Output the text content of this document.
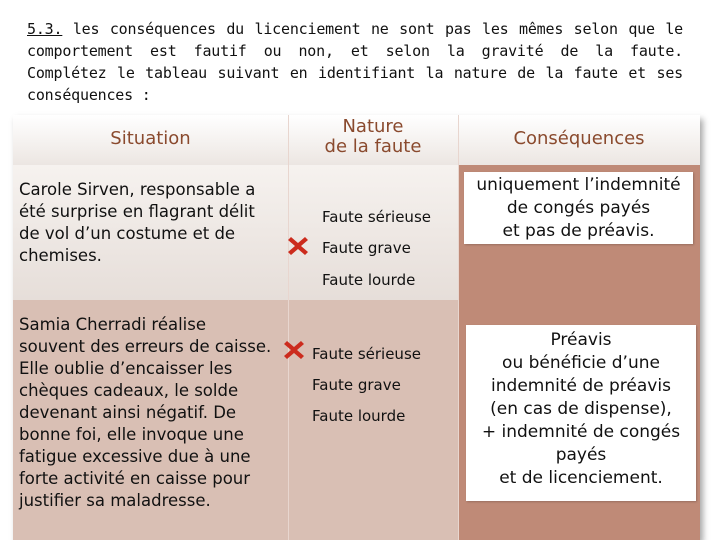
5.3. les conséquences du licenciement ne sont pas les mêmes selon que le
comportement est fautif ou non, et selon la gravité de la faute.
Complétez le tableau suivant en identifiant la nature de la faute et ses
conséquences :
Situation
Nature
de la faute	Conséquences
Carole Sirven, responsable a
été surprise en flagrant délit
de vol d’un costume et de
chemises.
Faute sérieuse
Faute grave
Faute lourde
uniquement l’indemnité
de congés payés
et pas de préavis.
Samia Cherradi réalise
souvent des erreurs de caisse.
Elle oublie d’encaisser les
chèques cadeaux, le solde
devenant ainsi négatif. De
bonne foi, elle invoque une
fatigue excessive due à une
forte activité en caisse pour
justifier sa maladresse.
Faute sérieuse
Faute grave
Faute lourde
Préavis
ou bénéficie d’une
indemnité de préavis
(en cas de dispense),
+ indemnité de congés
payés
et de licenciement.
